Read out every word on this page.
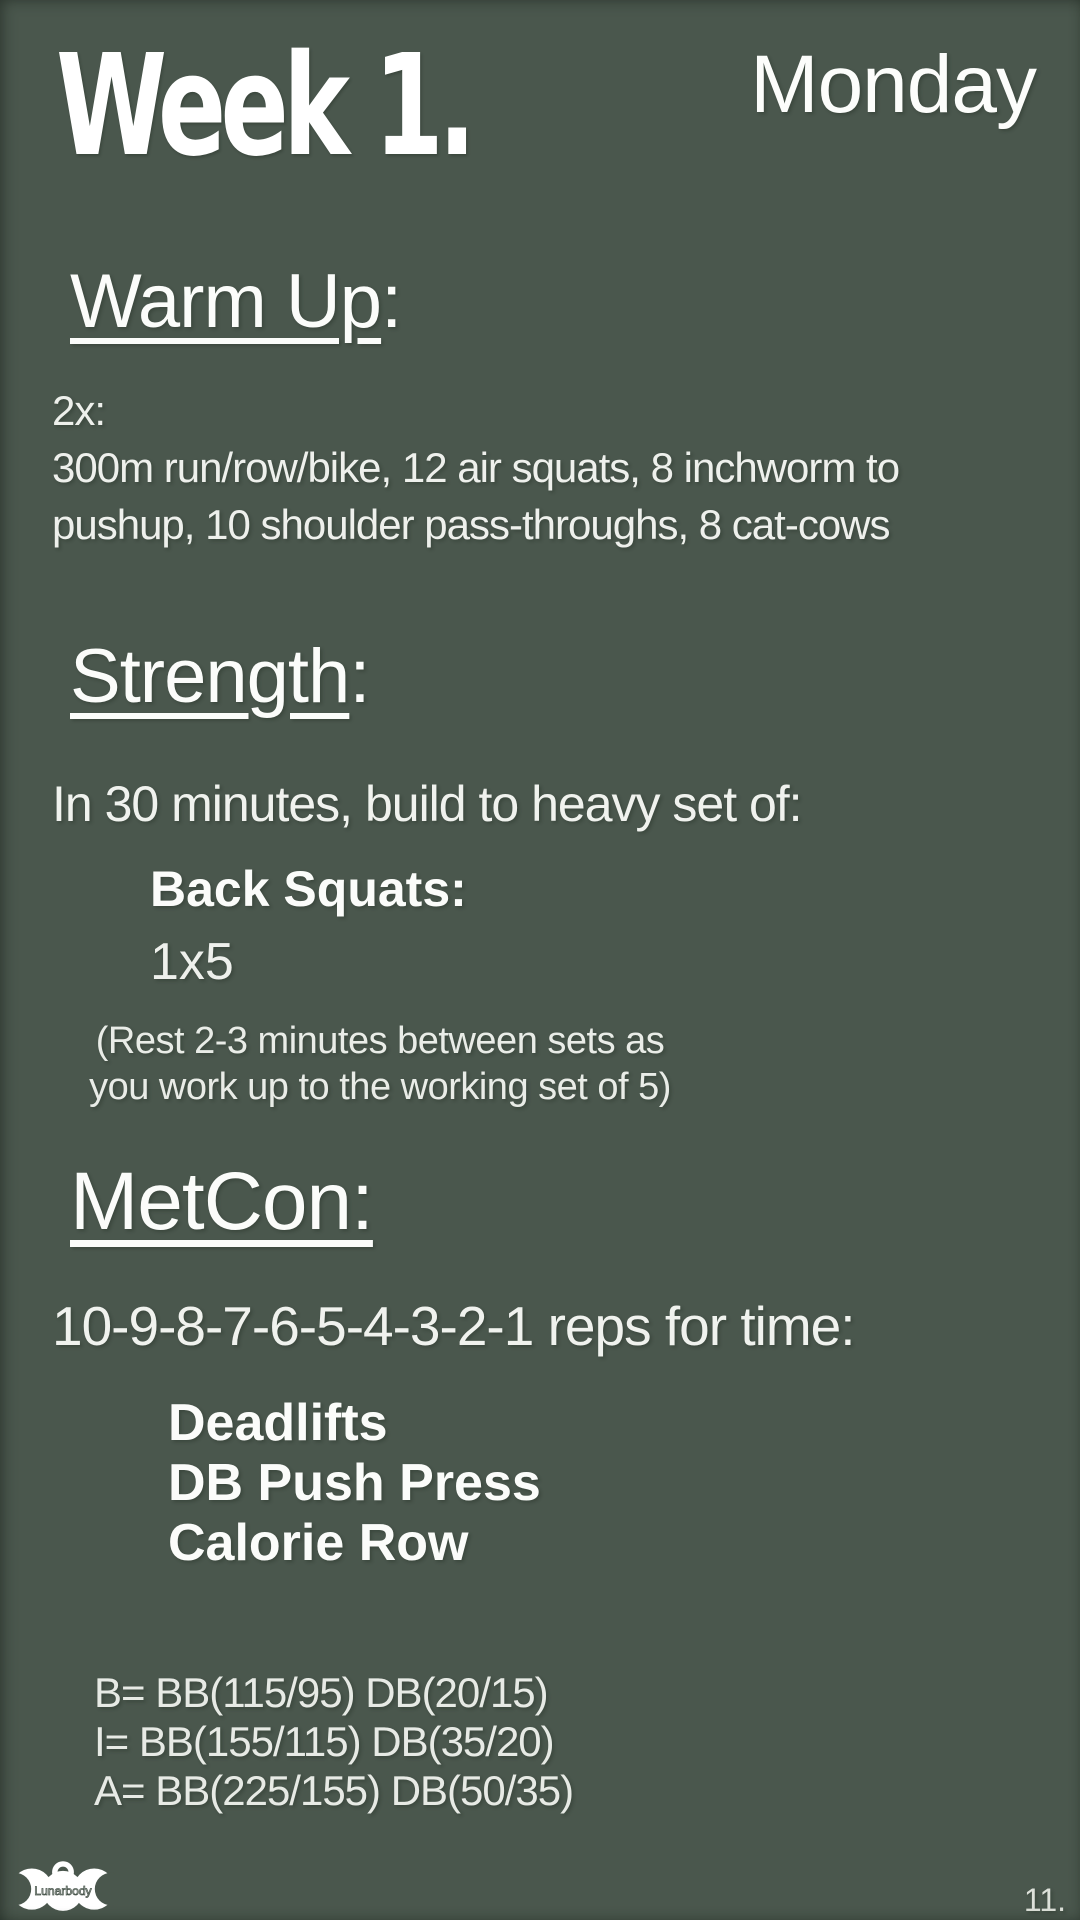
Week 1.	Monday
Warm Up:
2x:
300m run/row/bike, 12 air squats, 8 inchworm to
pushup, 10 shoulder pass-throughs, 8 cat-cows
Strength:
In 30 minutes, build to heavy set of:
Back Squats:
1x5
(Rest 2-3 minutes between sets as
you work up to the working set of 5)
MetCon:
10-9-8-7-6-5-4-3-2-1 reps for time:
Deadlifts
DB Push Press
Calorie Row
B= BB(115/95) DB(20/15)
I= BB(155/115) DB(35/20)
A= BB(225/155) DB(50/35)
Lunarbody	11.
